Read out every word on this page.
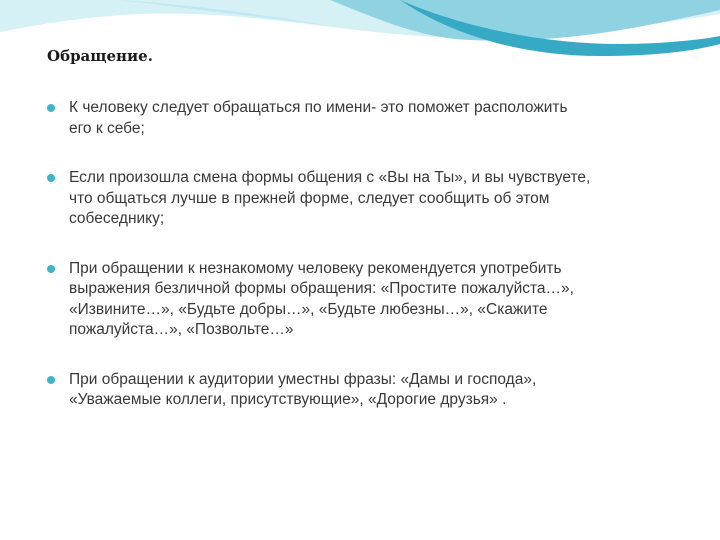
Обращение.
К человеку следует обращаться по имени- это поможет расположить
его к себе;
Если произошла смена формы общения с «Вы на Ты», и вы чувствуете,
что общаться лучше в прежней форме, следует сообщить об этом
собеседнику;
При обращении к незнакомому человеку рекомендуется употребить
выражения безличной формы обращения: «Простите пожалуйста…»,
«Извините…», «Будьте добры…», «Будьте любезны…», «Скажите
пожалуйста…», «Позвольте…»
При обращении к аудитории уместны фразы: «Дамы и господа»,
«Уважаемые коллеги, присутствующие», «Дорогие друзья» .
